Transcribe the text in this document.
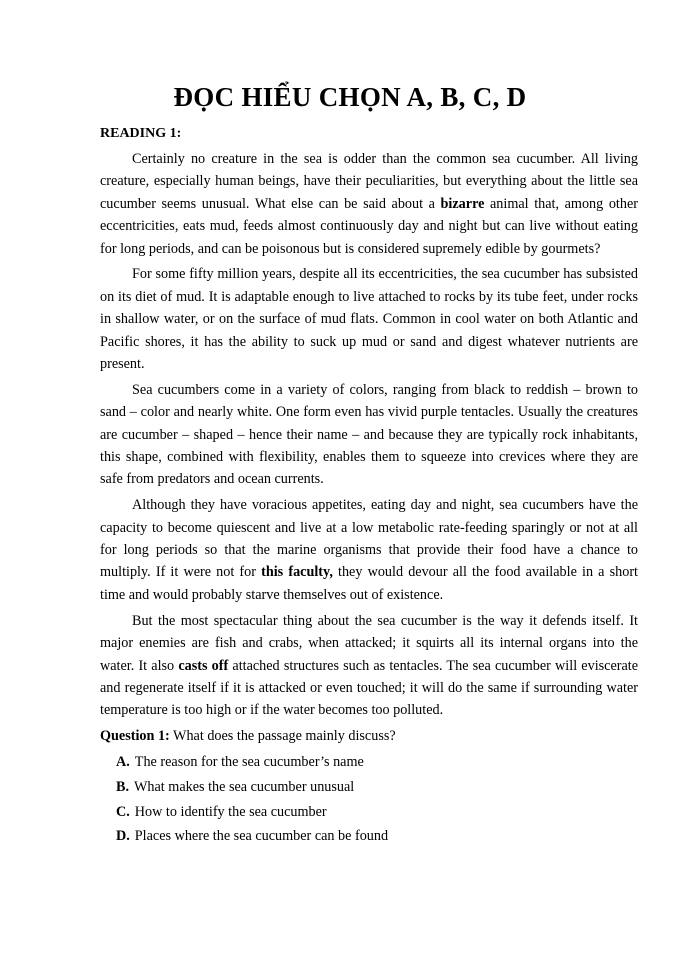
ĐỌC HIỂU CHỌN A, B, C, D
READING 1:

Certainly no creature in the sea is odder than the common sea cucumber. All living creature, especially human beings, have their peculiarities, but everything about the little sea cucumber seems unusual. What else can be said about a bizarre animal that, among other eccentricities, eats mud, feeds almost continuously day and night but can live without eating for long periods, and can be poisonous but is considered supremely edible by gourmets?

For some fifty million years, despite all its eccentricities, the sea cucumber has subsisted on its diet of mud. It is adaptable enough to live attached to rocks by its tube feet, under rocks in shallow water, or on the surface of mud flats. Common in cool water on both Atlantic and Pacific shores, it has the ability to suck up mud or sand and digest whatever nutrients are present.

Sea cucumbers come in a variety of colors, ranging from black to reddish – brown to sand – color and nearly white. One form even has vivid purple tentacles. Usually the creatures are cucumber – shaped – hence their name – and because they are typically rock inhabitants, this shape, combined with flexibility, enables them to squeeze into crevices where they are safe from predators and ocean currents.

Although they have voracious appetites, eating day and night, sea cucumbers have the capacity to become quiescent and live at a low metabolic rate-feeding sparingly or not at all for long periods so that the marine organisms that provide their food have a chance to multiply. If it were not for this faculty, they would devour all the food available in a short time and would probably starve themselves out of existence.

But the most spectacular thing about the sea cucumber is the way it defends itself. It major enemies are fish and crabs, when attacked; it squirts all its internal organs into the water. It also casts off attached structures such as tentacles. The sea cucumber will eviscerate and regenerate itself if it is attacked or even touched; it will do the same if surrounding water temperature is too high or if the water becomes too polluted.

Question 1: What does the passage mainly discuss?

A. The reason for the sea cucumber’s name
B. What makes the sea cucumber unusual
C. How to identify the sea cucumber
D. Places where the sea cucumber can be found
